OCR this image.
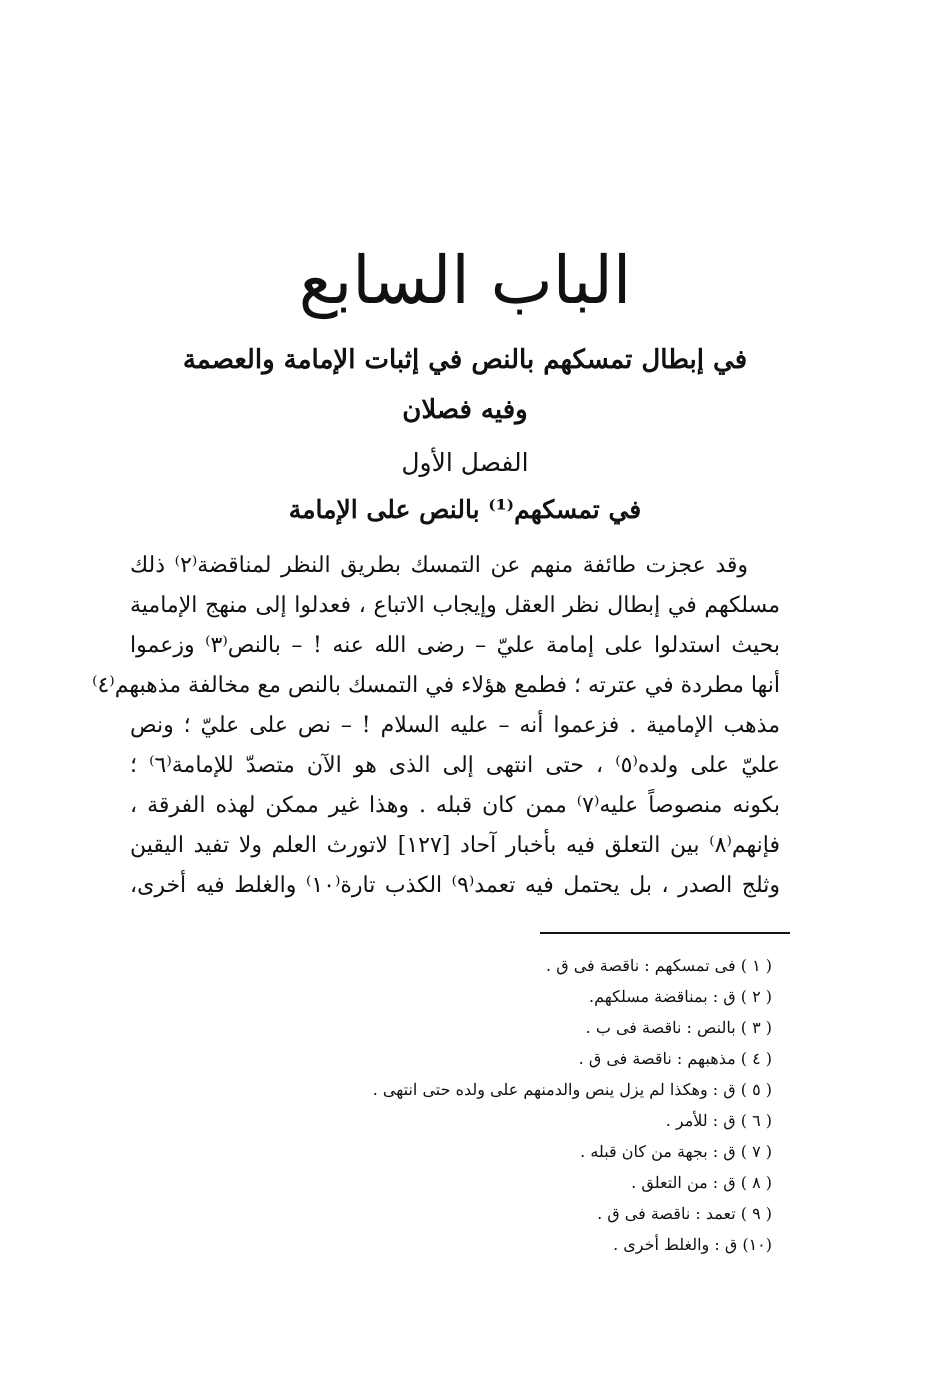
الباب السابع
في إبطال تمسكهم بالنص في إثبات الإمامة والعصمة
وفيه فصلان
الفصل الأول
في تمسكهم⁽¹⁾ بالنص على الإمامة
وقد عجزت طائفة منهم عن التمسك بطريق النظر لمناقضة⁽٢⁾ ذلك
مسلكهم في إبطال نظر العقل وإيجاب الاتباع ، فعدلوا إلى منهج الإمامية
بحيث استدلوا على إمامة عليّ – رضى الله عنه ! – بالنص⁽٣⁾ وزعموا
أنها مطردة في عترته ؛ فطمع هؤلاء في التمسك بالنص مع مخالفة مذهبهم⁽٤⁾
مذهب الإمامية . فزعموا أنه – عليه السلام ! – نص على عليّ ؛ ونص
عليّ على ولده⁽٥⁾ ، حتى انتهى إلى الذى هو الآن متصدّ للإمامة⁽٦⁾ ؛
بكونه منصوصاً عليه⁽٧⁾ ممن كان قبله . وهذا غير ممكن لهذه الفرقة ،
فإنهم⁽٨⁾ بين التعلق فيه بأخبار آحاد [١٢٧] لاتورث العلم ولا تفيد اليقين
وثلج الصدر ، بل يحتمل فيه تعمد⁽٩⁾ الكذب تارة⁽١٠⁾ والغلط فيه أخرى،
( ١ ) فى تمسكهم : ناقصة فى ق .
( ٢ ) ق : بمناقضة مسلكهم.
( ٣ ) بالنص : ناقصة فى ب .
( ٤ ) مذهبهم : ناقصة فى ق .
( ٥ ) ق : وهكذا لم يزل ينص والدمنهم على ولده حتى انتهى .
( ٦ ) ق : للأمر .
( ٧ ) ق : بجهة من كان قبله .
( ٨ ) ق : من التعلق .
( ٩ ) تعمد : ناقصة فى ق .
(١٠) ق : والغلط أخرى .
